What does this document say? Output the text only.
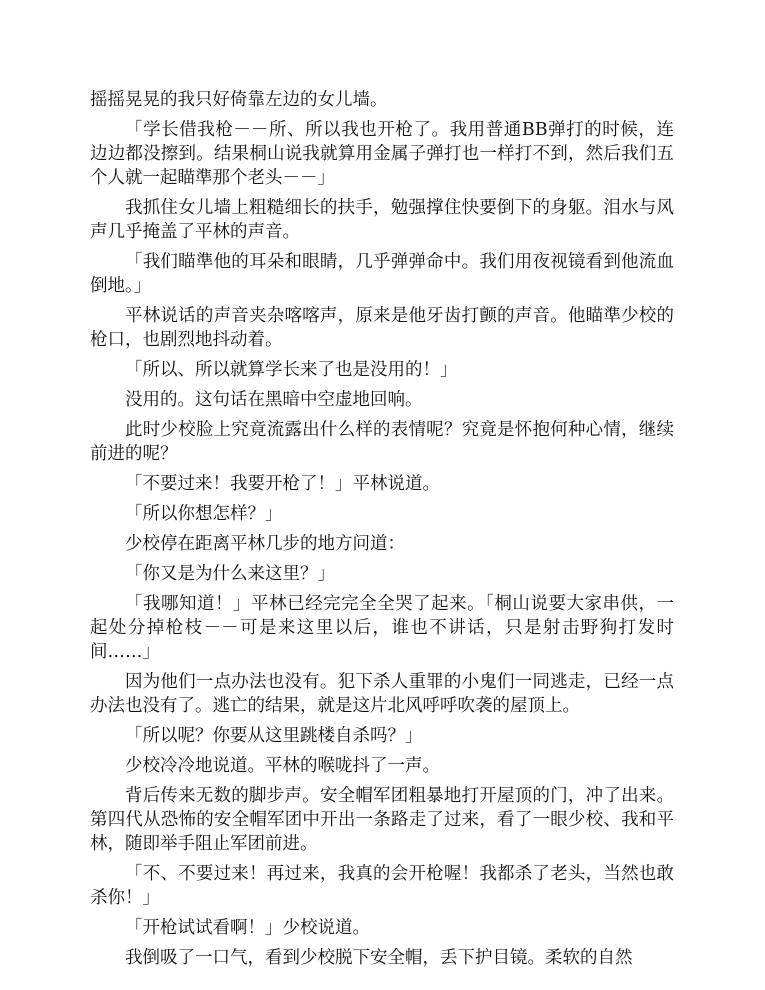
摇摇晃晃的我只好倚靠左边的女儿墙。

「学长借我枪－－所、所以我也开枪了。我用普通BB弹打的时候，连边边都没擦到。结果桐山说我就算用金属子弹打也一样打不到，然后我们五个人就一起瞄準那个老头－－」

我抓住女儿墙上粗糙细长的扶手，勉强撑住快要倒下的身躯。泪水与风声几乎掩盖了平林的声音。

「我们瞄準他的耳朵和眼睛，几乎弹弹命中。我们用夜视镜看到他流血倒地。」

平林说话的声音夹杂喀喀声，原来是他牙齿打颤的声音。他瞄準少校的枪口，也剧烈地抖动着。

「所以、所以就算学长来了也是没用的！」

没用的。这句话在黑暗中空虚地回响。

此时少校脸上究竟流露出什么样的表情呢？究竟是怀抱何种心情，继续前进的呢？

「不要过来！我要开枪了！」平林说道。

「所以你想怎样？」

少校停在距离平林几步的地方问道：

「你又是为什么来这里？」

「我哪知道！」平林已经完完全全哭了起来。「桐山说要大家串供，一起处分掉枪枝－－可是来这里以后，谁也不讲话，只是射击野狗打发时间……」

因为他们一点办法也没有。犯下杀人重罪的小鬼们一同逃走，已经一点办法也没有了。逃亡的结果，就是这片北风呼呼吹袭的屋顶上。

「所以呢？你要从这里跳楼自杀吗？」

少校冷冷地说道。平林的喉咙抖了一声。

背后传来无数的脚步声。安全帽军团粗暴地打开屋顶的门，冲了出来。第四代从恐怖的安全帽军团中开出一条路走了过来，看了一眼少校、我和平林，随即举手阻止军团前进。

「不、不要过来！再过来，我真的会开枪喔！我都杀了老头，当然也敢杀你！」

「开枪试试看啊！」少校说道。

我倒吸了一口气，看到少校脱下安全帽，丢下护目镜。柔软的自然
